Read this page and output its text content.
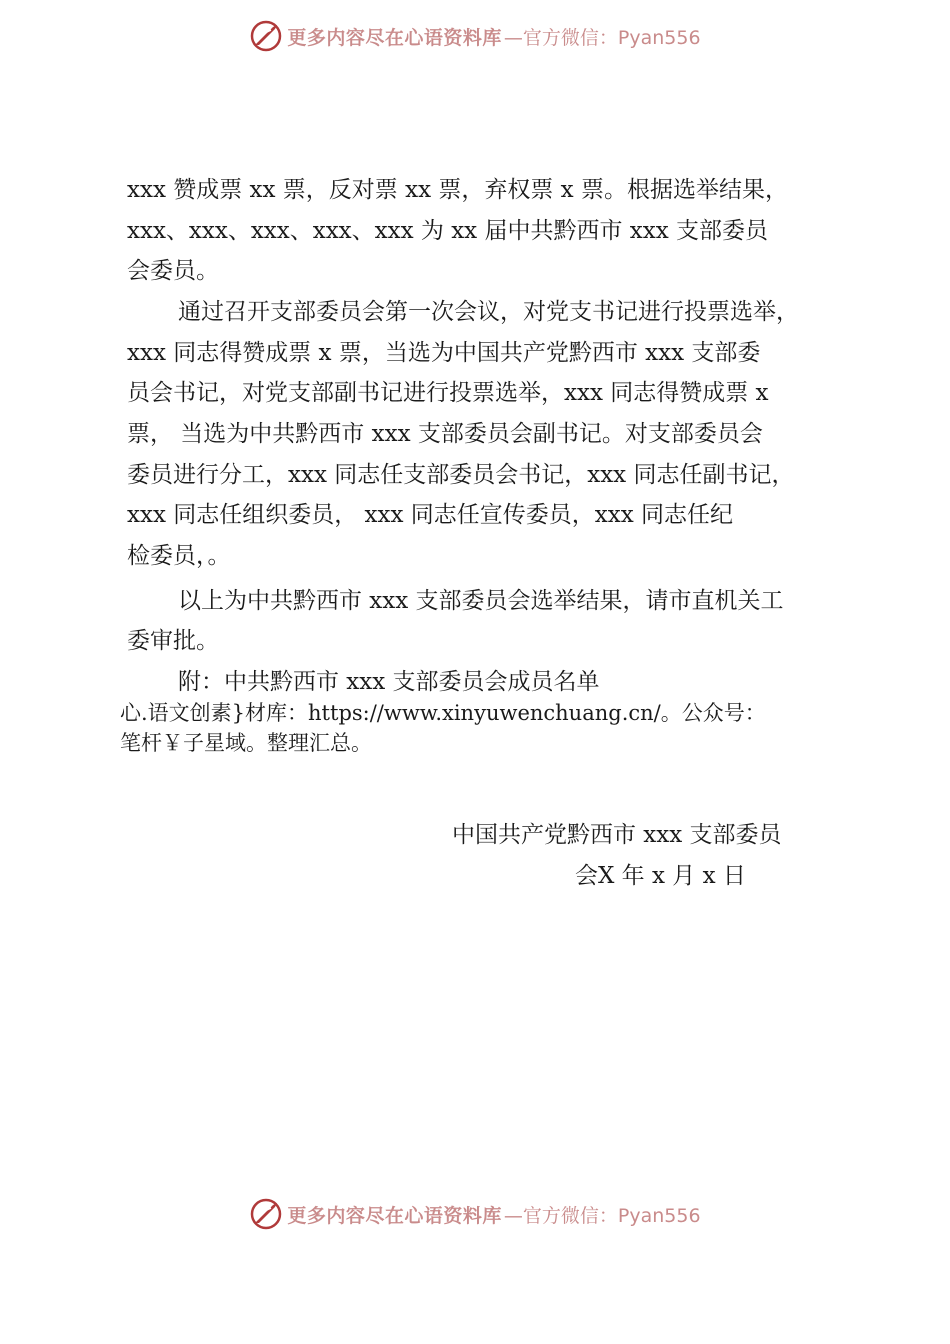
更多内容尽在心语资料库 —官方微信：Pyan556
xxx 赞成票 xx 票，反对票 xx 票，弃权票 x 票。根据选举结果，
xxx、xxx、xxx、xxx、xxx 为 xx 届中共黔西市 xxx 支部委员
会委员。
通过召开支部委员会第一次会议，对党支书记进行投票选举，
xxx 同志得赞成票 x 票，当选为中国共产党黔西市 xxx 支部委
员会书记，对党支部副书记进行投票选举，xxx 同志得赞成票 x
票， 当选为中共黔西市 xxx 支部委员会副书记。对支部委员会
委员进行分工，xxx 同志任支部委员会书记，xxx 同志任副书记，
xxx 同志任组织委员， xxx 同志任宣传委员，xxx 同志任纪
检委员，。
以上为中共黔西市 xxx 支部委员会选举结果，请市直机关工
委审批。
附：中共黔西市 xxx 支部委员会成员名单
心.语文创素}材库：https://www.xinyuwenchuang.cn/。公众号：
笔杆￥子星域。整理汇总。
中国共产党黔西市 xxx 支部委员
会X 年 x 月 x 日
更多内容尽在心语资料库 —官方微信：Pyan556
